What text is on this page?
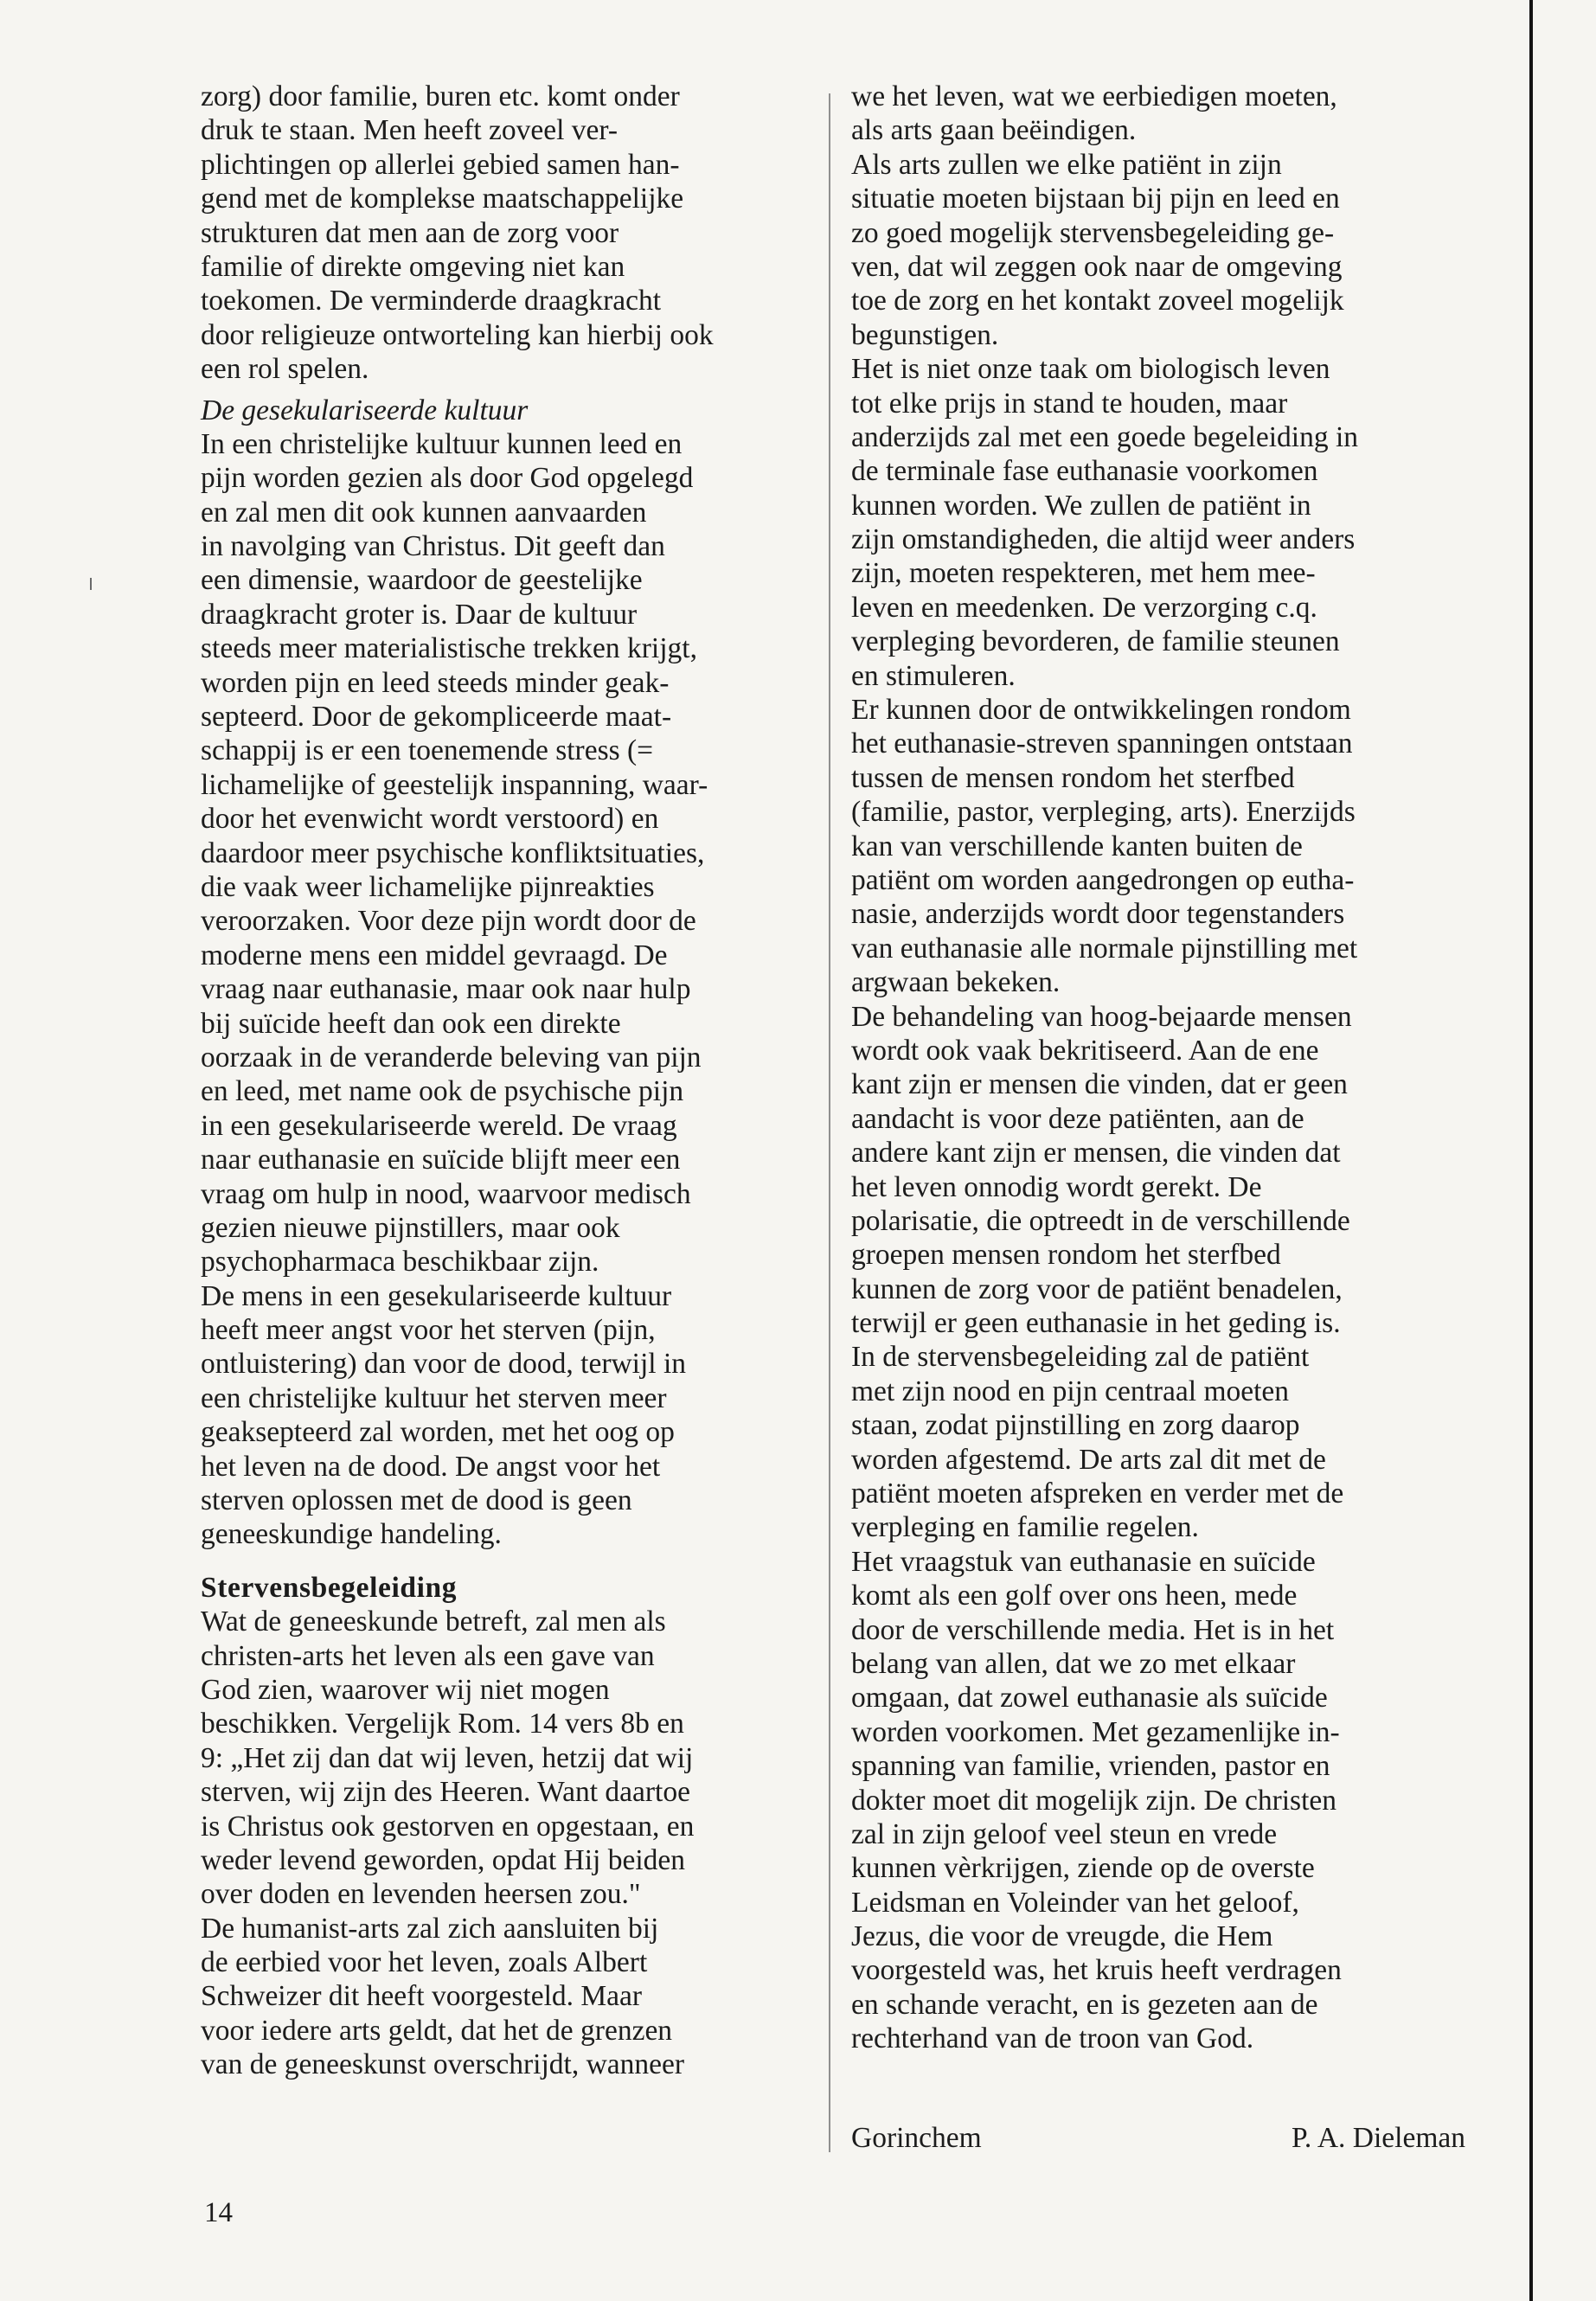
zorg) door familie, buren etc. komt onder
druk te staan. Men heeft zoveel ver-
plichtingen op allerlei gebied samen han-
gend met de komplekse maatschappelijke
strukturen dat men aan de zorg voor
familie of direkte omgeving niet kan
toekomen. De verminderde draagkracht
door religieuze ontworteling kan hierbij ook
een rol spelen.
De gesekulariseerde kultuur
In een christelijke kultuur kunnen leed en
pijn worden gezien als door God opgelegd
en zal men dit ook kunnen aanvaarden
in navolging van Christus. Dit geeft dan
een dimensie, waardoor de geestelijke
draagkracht groter is. Daar de kultuur
steeds meer materialistische trekken krijgt,
worden pijn en leed steeds minder geak-
septeerd. Door de gekompliceerde maat-
schappij is er een toenemende stress (=
lichamelijke of geestelijk inspanning, waar-
door het evenwicht wordt verstoord) en
daardoor meer psychische konfliktsituaties,
die vaak weer lichamelijke pijnreakties
veroorzaken. Voor deze pijn wordt door de
moderne mens een middel gevraagd. De
vraag naar euthanasie, maar ook naar hulp
bij suïcide heeft dan ook een direkte
oorzaak in de veranderde beleving van pijn
en leed, met name ook de psychische pijn
in een gesekulariseerde wereld. De vraag
naar euthanasie en suïcide blijft meer een
vraag om hulp in nood, waarvoor medisch
gezien nieuwe pijnstillers, maar ook
psychopharmaca beschikbaar zijn.
De mens in een gesekulariseerde kultuur
heeft meer angst voor het sterven (pijn,
ontluistering) dan voor de dood, terwijl in
een christelijke kultuur het sterven meer
geaksepteerd zal worden, met het oog op
het leven na de dood. De angst voor het
sterven oplossen met de dood is geen
geneeskundige handeling.
Stervensbegeleiding
Wat de geneeskunde betreft, zal men als
christen-arts het leven als een gave van
God zien, waarover wij niet mogen
beschikken. Vergelijk Rom. 14 vers 8b en
9: „Het zij dan dat wij leven, hetzij dat wij
sterven, wij zijn des Heeren. Want daartoe
is Christus ook gestorven en opgestaan, en
weder levend geworden, opdat Hij beiden
over doden en levenden heersen zou."
De humanist-arts zal zich aansluiten bij
de eerbied voor het leven, zoals Albert
Schweizer dit heeft voorgesteld. Maar
voor iedere arts geldt, dat het de grenzen
van de geneeskunst overschrijdt, wanneer
we het leven, wat we eerbiedigen moeten,
als arts gaan beëindigen.
Als arts zullen we elke patiënt in zijn
situatie moeten bijstaan bij pijn en leed en
zo goed mogelijk stervensbegeleiding ge-
ven, dat wil zeggen ook naar de omgeving
toe de zorg en het kontakt zoveel mogelijk
begunstigen.
Het is niet onze taak om biologisch leven
tot elke prijs in stand te houden, maar
anderzijds zal met een goede begeleiding in
de terminale fase euthanasie voorkomen
kunnen worden. We zullen de patiënt in
zijn omstandigheden, die altijd weer anders
zijn, moeten respekteren, met hem mee-
leven en meedenken. De verzorging c.q.
verpleging bevorderen, de familie steunen
en stimuleren.
Er kunnen door de ontwikkelingen rondom
het euthanasie-streven spanningen ontstaan
tussen de mensen rondom het sterfbed
(familie, pastor, verpleging, arts). Enerzijds
kan van verschillende kanten buiten de
patiënt om worden aangedrongen op eutha-
nasie, anderzijds wordt door tegenstanders
van euthanasie alle normale pijnstilling met
argwaan bekeken.
De behandeling van hoog-bejaarde mensen
wordt ook vaak bekritiseerd. Aan de ene
kant zijn er mensen die vinden, dat er geen
aandacht is voor deze patiënten, aan de
andere kant zijn er mensen, die vinden dat
het leven onnodig wordt gerekt. De
polarisatie, die optreedt in de verschillende
groepen mensen rondom het sterfbed
kunnen de zorg voor de patiënt benadelen,
terwijl er geen euthanasie in het geding is.
In de stervensbegeleiding zal de patiënt
met zijn nood en pijn centraal moeten
staan, zodat pijnstilling en zorg daarop
worden afgestemd. De arts zal dit met de
patiënt moeten afspreken en verder met de
verpleging en familie regelen.
Het vraagstuk van euthanasie en suïcide
komt als een golf over ons heen, mede
door de verschillende media. Het is in het
belang van allen, dat we zo met elkaar
omgaan, dat zowel euthanasie als suïcide
worden voorkomen. Met gezamenlijke in-
spanning van familie, vrienden, pastor en
dokter moet dit mogelijk zijn. De christen
zal in zijn geloof veel steun en vrede
kunnen vèrkrijgen, ziende op de overste
Leidsman en Voleinder van het geloof,
Jezus, die voor de vreugde, die Hem
voorgesteld was, het kruis heeft verdragen
en schande veracht, en is gezeten aan de
rechterhand van de troon van God.
Gorinchem	P. A. Dieleman
14
